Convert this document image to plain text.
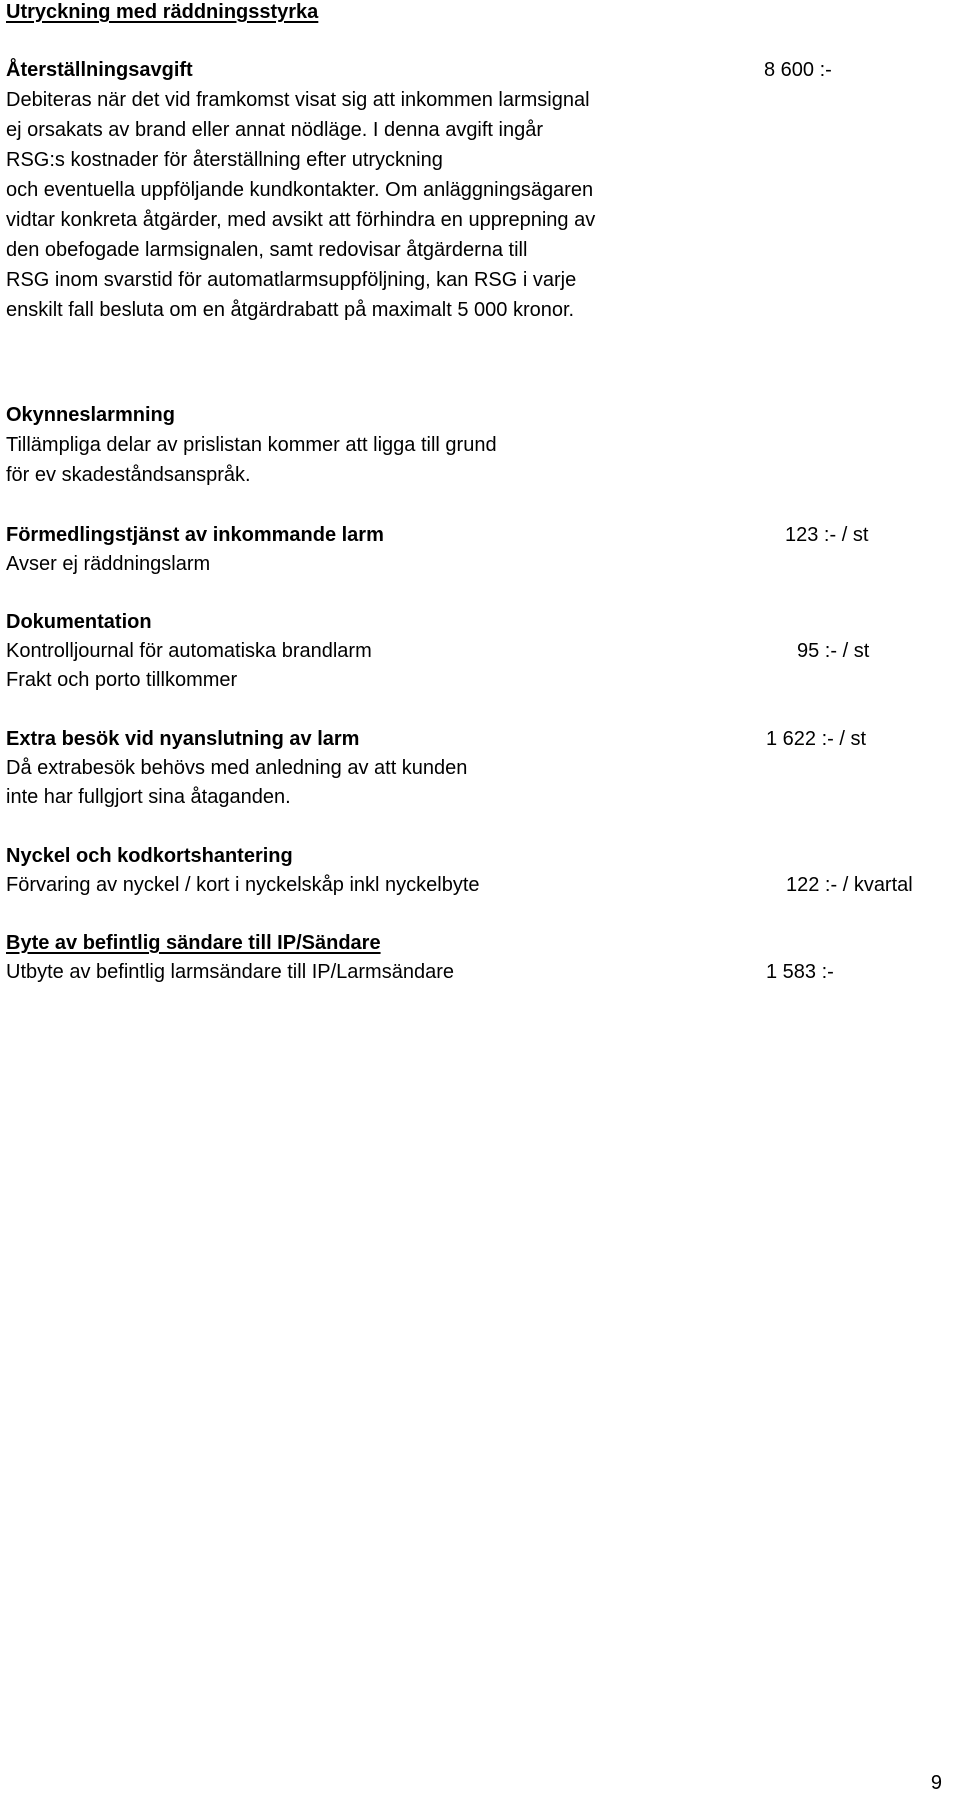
Utryckning med räddningsstyrka
Återställningsavgift	8 600 :-
Debiteras när det vid framkomst visat sig att inkommen larmsignal
ej orsakats av brand eller annat nödläge. I denna avgift ingår
RSG:s kostnader för återställning efter utryckning
och eventuella uppföljande kundkontakter. Om anläggningsägaren
vidtar konkreta åtgärder, med avsikt att förhindra en upprepning av
den obefogade larmsignalen, samt redovisar åtgärderna till
RSG inom svarstid för automatlarmsuppföljning, kan RSG i varje
enskilt fall besluta om en åtgärdrabatt på maximalt 5 000 kronor.
Okynneslarmning
Tillämpliga delar av prislistan kommer att ligga till grund
för ev skadeståndsanspråk.
Förmedlingstjänst av inkommande larm	123 :- / st
Avser ej räddningslarm
Dokumentation
Kontrolljournal för automatiska brandlarm	95 :- / st
Frakt och porto tillkommer
Extra besök vid nyanslutning av larm	1 622 :- / st
Då extrabesök behövs med anledning av att kunden
inte har fullgjort sina åtaganden.
Nyckel och kodkortshantering
Förvaring av nyckel / kort i nyckelskåp inkl nyckelbyte	122 :- / kvartal
Byte av befintlig sändare till IP/Sändare
Utbyte av befintlig larmsändare till IP/Larmsändare	1 583 :-
9
